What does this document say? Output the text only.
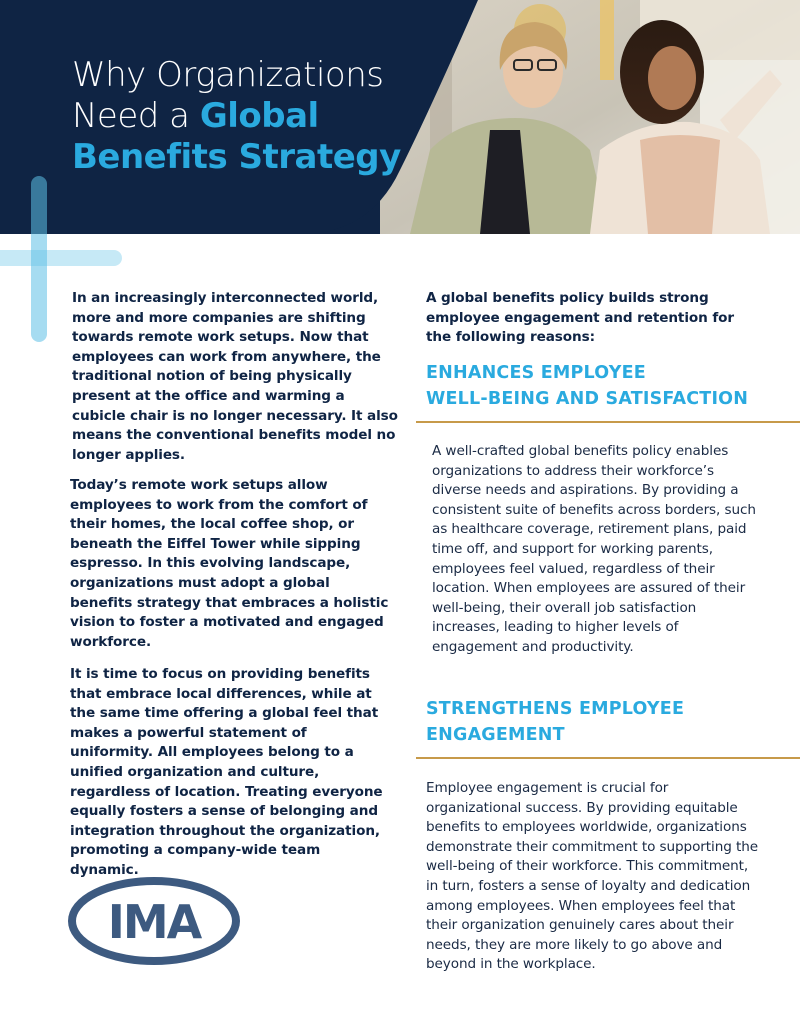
Why Organizations
Need a Global
Benefits Strategy

In an increasingly interconnected world, more and more companies are shifting towards remote work setups. Now that employees can work from anywhere, the traditional notion of being physically present at the office and warming a cubicle chair is no longer necessary. It also means the conventional benefits model no longer applies.

Today’s remote work setups allow employees to work from the comfort of their homes, the local coffee shop, or beneath the Eiffel Tower while sipping espresso. In this evolving landscape, organizations must adopt a global benefits strategy that embraces a holistic vision to foster a motivated and engaged workforce.

It is time to focus on providing benefits that embrace local differences, while at the same time offering a global feel that makes a powerful statement of uniformity. All employees belong to a unified organization and culture, regardless of location. Treating everyone equally fosters a sense of belonging and integration throughout the organization, promoting a company-wide team dynamic.

A global benefits policy builds strong employee engagement and retention for the following reasons:

ENHANCES EMPLOYEE
WELL-BEING AND SATISFACTION

A well-crafted global benefits policy enables organizations to address their workforce’s diverse needs and aspirations. By providing a consistent suite of benefits across borders, such as healthcare coverage, retirement plans, paid time off, and support for working parents, employees feel valued, regardless of their location. When employees are assured of their well-being, their overall job satisfaction increases, leading to higher levels of engagement and productivity.

STRENGTHENS EMPLOYEE
ENGAGEMENT

Employee engagement is crucial for organizational success. By providing equitable benefits to employees worldwide, organizations demonstrate their commitment to supporting the well-being of their workforce. This commitment, in turn, fosters a sense of loyalty and dedication among employees. When employees feel that their organization genuinely cares about their needs, they are more likely to go above and beyond in the workplace.

IMA
